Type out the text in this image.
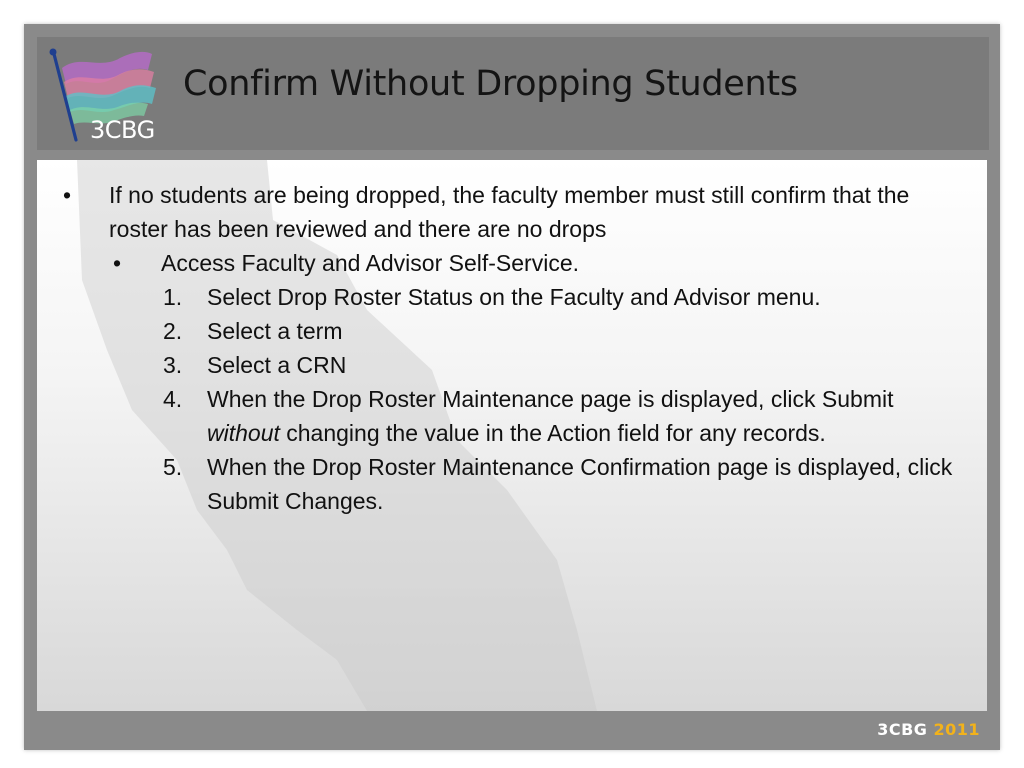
3CBG
Confirm Without Dropping Students
• If no students are being dropped, the faculty member must still confirm that the roster has been reviewed and there are no drops
• Access Faculty and Advisor Self-Service.
1. Select Drop Roster Status on the Faculty and Advisor menu.
2. Select a term
3. Select a CRN
4. When the Drop Roster Maintenance page is displayed, click Submit without changing the value in the Action field for any records.
5. When the Drop Roster Maintenance Confirmation page is displayed, click Submit Changes.
3CBG 2011
